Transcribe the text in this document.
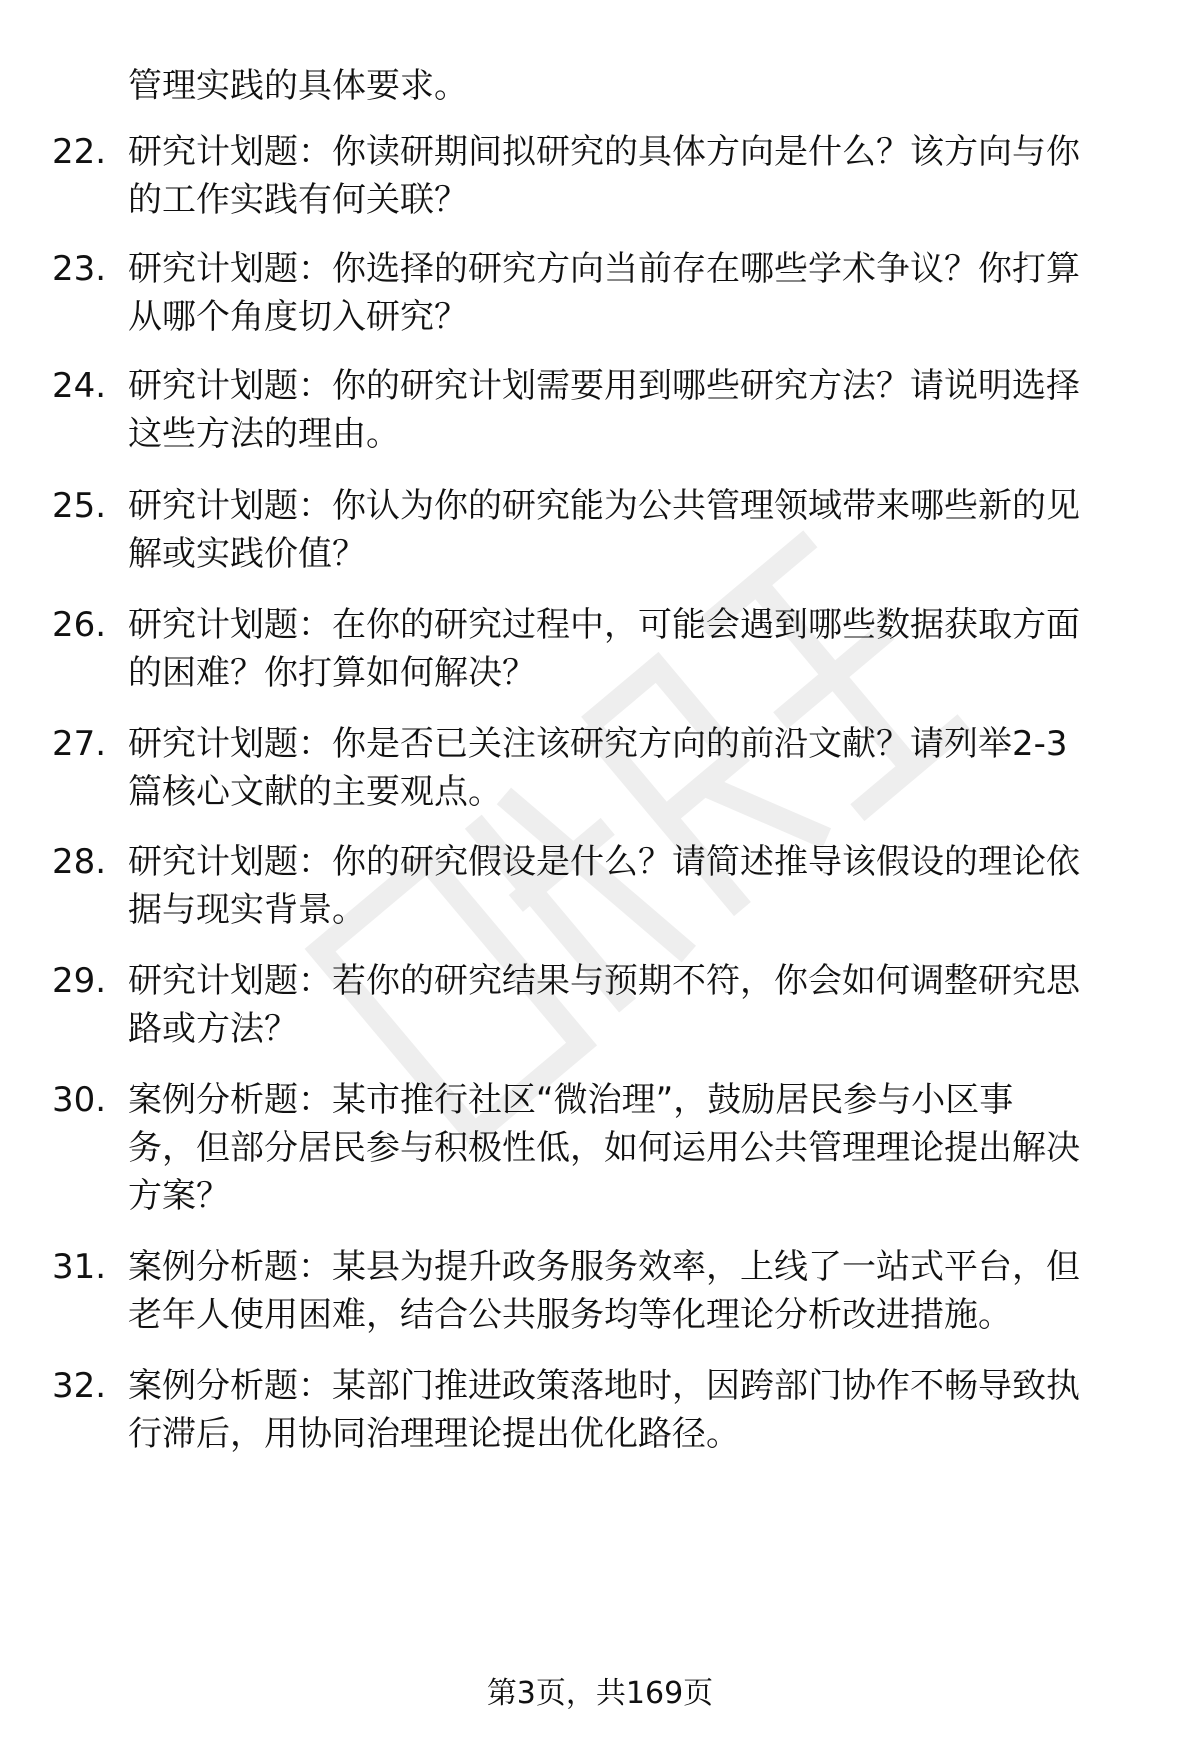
管理实践的具体要求。
22. 研究计划题：你读研期间拟研究的具体方向是什么？该方向与你
的工作实践有何关联？
23. 研究计划题：你选择的研究方向当前存在哪些学术争议？你打算
从哪个角度切入研究？
24. 研究计划题：你的研究计划需要用到哪些研究方法？请说明选择
这些方法的理由。
25. 研究计划题：你认为你的研究能为公共管理领域带来哪些新的见
解或实践价值？
26. 研究计划题：在你的研究过程中，可能会遇到哪些数据获取方面
的困难？你打算如何解决？
27. 研究计划题：你是否已关注该研究方向的前沿文献？请列举2-3
篇核心文献的主要观点。
28. 研究计划题：你的研究假设是什么？请简述推导该假设的理论依
据与现实背景。
29. 研究计划题：若你的研究结果与预期不符，你会如何调整研究思
路或方法？
30. 案例分析题：某市推行社区“微治理”，鼓励居民参与小区事
务，但部分居民参与积极性低，如何运用公共管理理论提出解决
方案？
31. 案例分析题：某县为提升政务服务效率，上线了一站式平台，但
老年人使用困难，结合公共服务均等化理论分析改进措施。
32. 案例分析题：某部门推进政策落地时，因跨部门协作不畅导致执
行滞后，用协同治理理论提出优化路径。
第3页，共169页
